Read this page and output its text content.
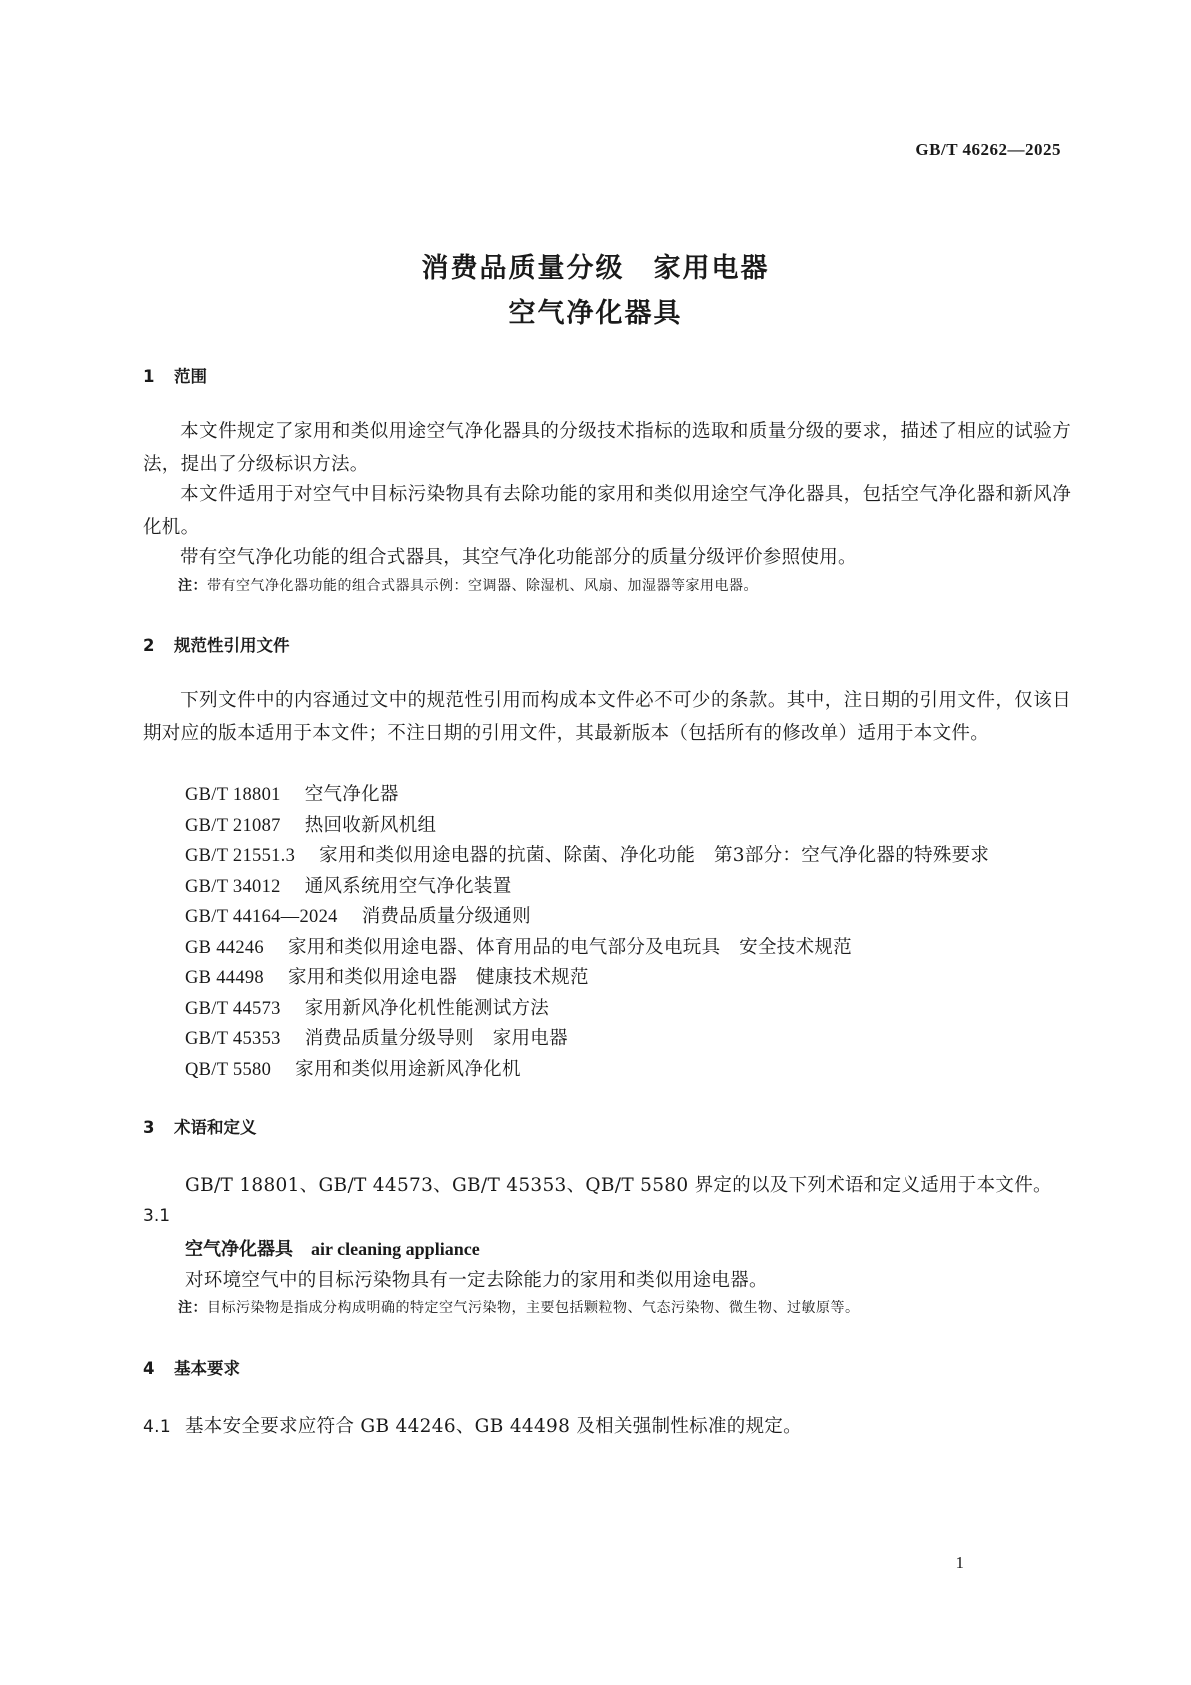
GB/T 46262—2025
消费品质量分级　家用电器
空气净化器具
1 范围

本文件规定了家用和类似用途空气净化器具的分级技术指标的选取和质量分级的要求，描述了相应的试验方法，提出了分级标识方法。

本文件适用于对空气中目标污染物具有去除功能的家用和类似用途空气净化器具，包括空气净化器和新风净化机。

带有空气净化功能的组合式器具，其空气净化功能部分的质量分级评价参照使用。

注：带有空气净化器功能的组合式器具示例：空调器、除湿机、风扇、加湿器等家用电器。
2 规范性引用文件

下列文件中的内容通过文中的规范性引用而构成本文件必不可少的条款。其中，注日期的引用文件，仅该日期对应的版本适用于本文件；不注日期的引用文件，其最新版本（包括所有的修改单）适用于本文件。

GB/T 18801 空气净化器
GB/T 21087 热回收新风机组
GB/T 21551.3 家用和类似用途电器的抗菌、除菌、净化功能　第3部分：空气净化器的特殊要求
GB/T 34012 通风系统用空气净化装置
GB/T 44164—2024 消费品质量分级通则
GB 44246 家用和类似用途电器、体育用品的电气部分及电玩具　安全技术规范
GB 44498 家用和类似用途电器　健康技术规范
GB/T 44573 家用新风净化机性能测试方法
GB/T 45353 消费品质量分级导则　家用电器
QB/T 5580 家用和类似用途新风净化机
3 术语和定义
GB/T 18801、GB/T 44573、GB/T 45353、QB/T 5580 界定的以及下列术语和定义适用于本文件。
3.1
空气净化器具 air cleaning appliance
对环境空气中的目标污染物具有一定去除能力的家用和类似用途电器。
注：目标污染物是指成分构成明确的特定空气污染物，主要包括颗粒物、气态污染物、微生物、过敏原等。
4 基本要求
4.1 基本安全要求应符合 GB 44246、GB 44498 及相关强制性标准的规定。
1
